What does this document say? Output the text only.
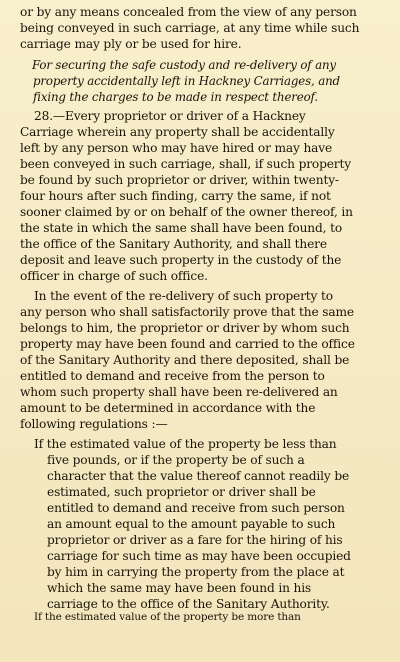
or by any means concealed from the view of any person
being conveyed in such carriage, at any time while such
carriage may ply or be used for hire.
For securing the safe custody and re-delivery of any
property accidentally left in Hackney Carriages, and
fixing the charges to be made in respect thereof.
28.—Every proprietor or driver of a Hackney
Carriage wherein any property shall be accidentally
left by any person who may have hired or may have
been conveyed in such carriage, shall, if such property
be found by such proprietor or driver, within twenty-
four hours after such finding, carry the same, if not
sooner claimed by or on behalf of the owner thereof, in
the state in which the same shall have been found, to
the office of the Sanitary Authority, and shall there
deposit and leave such property in the custody of the
officer in charge of such office.
In the event of the re-delivery of such property to
any person who shall satisfactorily prove that the same
belongs to him, the proprietor or driver by whom such
property may have been found and carried to the office
of the Sanitary Authority and there deposited, shall be
entitled to demand and receive from the person to
whom such property shall have been re-delivered an
amount to be determined in accordance with the
following regulations :—
If the estimated value of the property be less than
five pounds, or if the property be of such a
character that the value thereof cannot readily be
estimated, such proprietor or driver shall be
entitled to demand and receive from such person
an amount equal to the amount payable to such
proprietor or driver as a fare for the hiring of his
carriage for such time as may have been occupied
by him in carrying the property from the place at
which the same may have been found in his
carriage to the office of the Sanitary Authority.
If the estimated value of the property be more than
